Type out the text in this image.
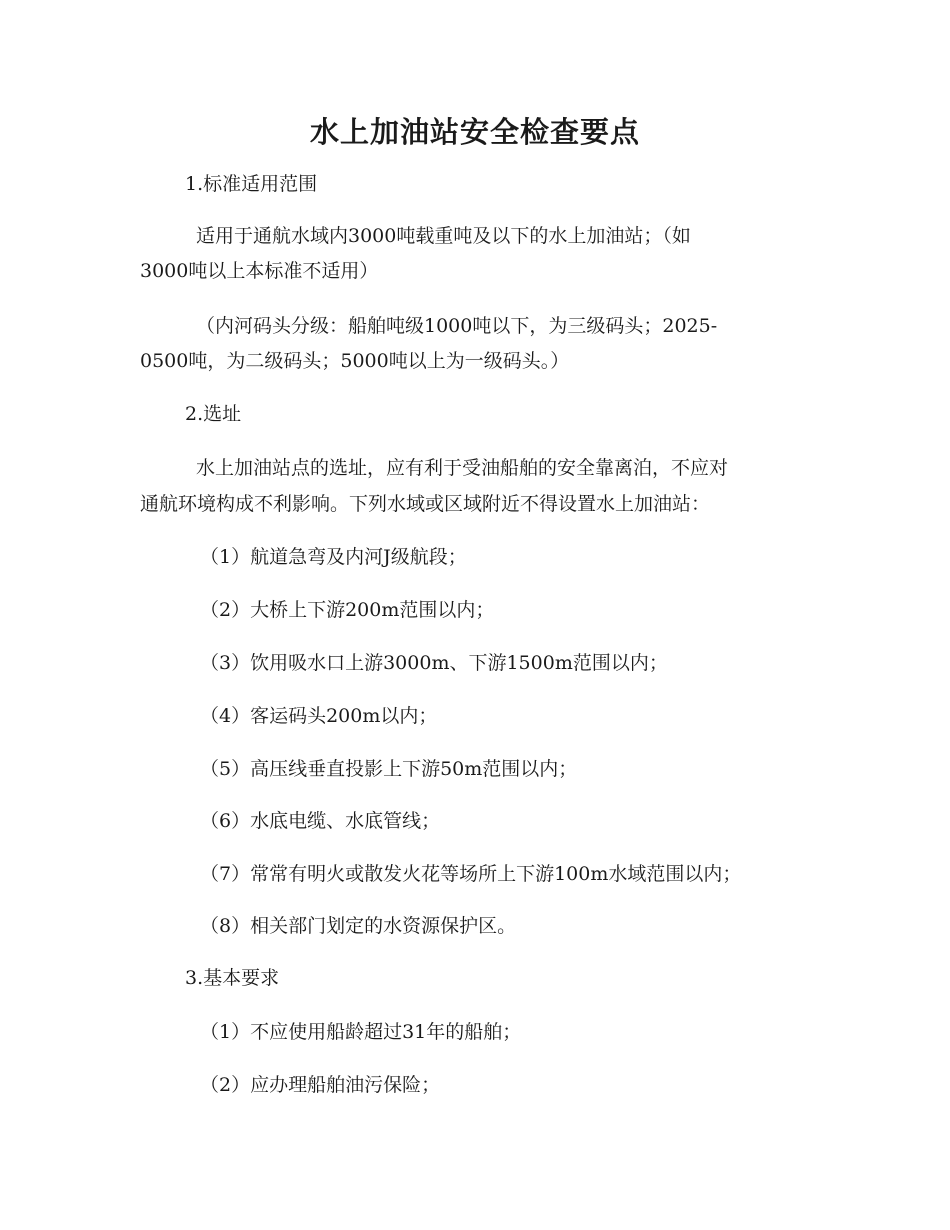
水上加油站安全检查要点

1.标准适用范围

适用于通航水域内3000吨载重吨及以下的水上加油站；（如

3000吨以上本标准不适用）

（内河码头分级：船舶吨级1000吨以下，为三级码头；2025-

0500吨，为二级码头；5000吨以上为一级码头。）

2.选址

水上加油站点的选址，应有利于受油船舶的安全靠离泊，不应对

通航环境构成不利影响。下列水域或区域附近不得设置水上加油站：

（1）航道急弯及内河J级航段；

（2）大桥上下游200m范围以内；

（3）饮用吸水口上游3000m、下游1500m范围以内；

（4）客运码头200m以内；

（5）高压线垂直投影上下游50m范围以内；

（6）水底电缆、水底管线；

（7）常常有明火或散发火花等场所上下游100m水域范围以内；

（8）相关部门划定的水资源保护区。

3.基本要求

（1）不应使用船龄超过31年的船舶；

（2）应办理船舶油污保险；
